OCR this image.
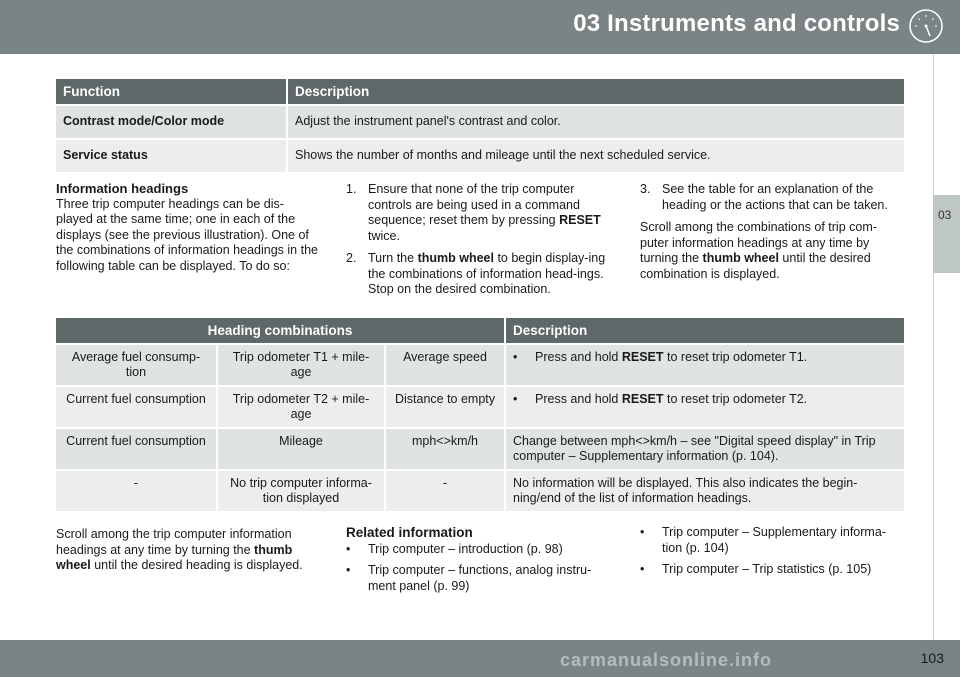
03 Instruments and controls
03
Function	Description
Contrast mode/Color mode	Adjust the instrument panel's contrast and color.
Service status	Shows the number of months and mileage until the next scheduled service.
Information headings
Three trip computer headings can be dis-played at the same time; one in each of the displays (see the previous illustration). One of the combinations of information headings in the following table can be displayed. To do so:
1. Ensure that none of the trip computer controls are being used in a command sequence; reset them by pressing RESET twice.
2. Turn the thumb wheel to begin display-ing the combinations of information head-ings. Stop on the desired combination.
3. See the table for an explanation of the heading or the actions that can be taken.
Scroll among the combinations of trip com-puter information headings at any time by turning the thumb wheel until the desired combination is displayed.
Heading combinations			Description
Average fuel consump-tion	Trip odometer T1 + mile-age	Average speed	• Press and hold RESET to reset trip odometer T1.

Current fuel consumption	Trip odometer T2 + mile-age	Distance to empty	• Press and hold RESET to reset trip odometer T2.

Current fuel consumption	Mileage	mph<>km/h	Change between mph<>km/h – see "Digital speed display" in Trip computer – Supplementary information (p. 104).
-	No trip computer informa-tion displayed	-	No information will be displayed. This also indicates the begin-ning/end of the list of information headings.
Scroll among the trip computer information headings at any time by turning the thumb wheel until the desired heading is displayed.
Related information
•	Trip computer – introduction (p. 98)
•	Trip computer – functions, analog instru-ment panel (p. 99)
•	Trip computer – Supplementary informa-tion (p. 104)
•	Trip computer – Trip statistics (p. 105)
carmanualsonline.info	103
